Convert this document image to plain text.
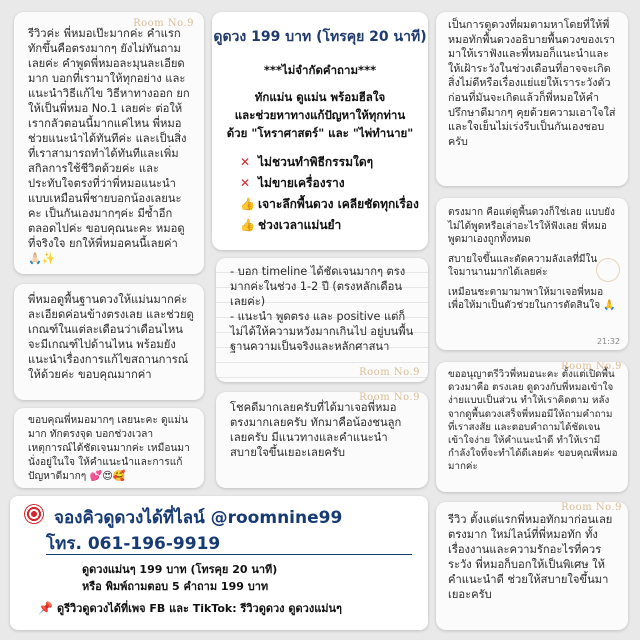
Room No.9

รีวิวค่ะ พี่หมอเป๊ะมากค่ะ คำแรกทักขึ้นคือตรงมากๆ ยังไม่ทันถามเลยค่ะ คำพูดพี่หมอละมุนละเอียดมาก บอกที่เรามาให้ทุกอย่าง และแนะนำวิธีแก้ไข วิธีหาทางออก ยกให้เป็นพี่หมอ No.1 เลยค่ะ ต่อให้เรากลัวตอนนี้มากแค่ไหน พี่หมอช่วยแนะนำได้ทันทีค่ะ และเป็นสิ่งที่เราสามารถทำได้ทันทีและเพิ่มสกิลการใช้ชีวิตด้วยค่ะ และประทับใจตรงที่ว่าพี่หมอแนะนำแบบเหมือนพี่ชายบอกน้องเลยนะคะ เป็นกันเองมากๆค่ะ มีซ้ำอีกตลอดไปค่ะ ขอบคุณนะคะ หมอดูที่จริงใจ ยกให้พี่หมอคนนี้เลยค่า 🙏🏻✨

พี่หมอดูพื้นฐานดวงให้แม่นมากค่ะ ละเอียดค่อนข้างตรงเลย และช่วยดูเกณฑ์ในแต่ละเดือนว่าเดือนไหนจะมีเกณฑ์ไปด้านไหน พร้อมยังแนะนำเรื่องการแก้ไขสถานการณ์ให้ด้วยค่ะ ขอบคุณมากค่า

ขอบคุณพี่หมอมากๆ เลยนะคะ ดูแม่นมาก ทักตรงจุด บอกช่วงเวลาเหตุการณ์ได้ชัดเจนมากค่ะ เหมือนมานั่งอยู่ในใจ ให้คำแนะนำและการแก้ปัญหาดีมากๆ 💕😍🥰

ดูดวง 199 บาท (โทรคุย 20 นาที)
***ไม่จำกัดคำถาม***
ทักแม่น ดูแม่น พร้อมฮีลใจ
และช่วยหาทางแก้ปัญหาให้ทุกท่าน
ด้วย "โหราศาสตร์" และ "ไพ่ทำนาย"
✕ ไม่ชวนทำพิธีกรรมใดๆ
✕ ไม่ขายเครื่องราง
👍 เจาะลึกพื้นดวง เคลียชัดทุกเรื่อง
👍 ช่วงเวลาแม่นยำ
Room No.9

- บอก timeline ได้ชัดเจนมากๆ ตรงมากค่ะในช่วง 1-2 ปี (ตรงหลักเดือนเลยค่ะ)
- แนะนำ พูดตรง และ positive แต่ก็ไม่ได้ให้ความหวังมากเกินไป อยู่บนพื้นฐานความเป็นจริงและหลักศาสนา

Room No.9

โชคดีมากเลยครับที่ได้มาเจอพี่หมอ ตรงมากเลยครับ ทักมาคือน้องชนลูกเลยครับ มีแนวทางและคำแนะนำ สบายใจขึ้นเยอะเลยครับ

เป็นการดูดวงที่ผมตามหาโดยที่ให้พี่หมอทักพื้นดวงอธิบายพื้นดวงของเรามาให้เราฟังและพี่หมอก็แนะนำและให้เฝ้าระวังในช่วงเดือนที่อาจจะเกิดสิ่งไม่ดีหรือเรื่องแย่แย่ให้เราระวังตัวก่อนที่มันจะเกิดแล้วก็พี่หมอให้คำปรึกษาดีมากๆ คุยด้วยความเอาใจใส่และใจเย็นไม่เร่งรีบเป็นกันเองชอบครับ

ตรงมาก คือแต่ดูพื้นดวงก็ใช่เลย แบบยังไม่ได้พูดหรือเล่าอะไรให้ฟังเลย พี่หมอพูดมาเองถูกทั้งหมด

สบายใจขึ้นและตัดความลังเลที่มีในใจมานานมากได้เลยค่ะ

เหมือนชะตามามาพาให้มาเจอพี่หมอ เพื่อให้มาเป็นตัวช่วยในการตัดสินใจ 🙏

21:32
Room No.9

ขออนุญาตรีวิวพี่หมอนะคะ ตั้งแต่เปิดพื้นดวงมาคือ ตรงเลย ดูดวงกับพี่หมอเข้าใจง่ายแบบเป็นส่วน ทำให้เราคิดตาม หลังจากดูพื้นดวงเสร็จพี่หมอมีให้ถามคำถามที่เราสงสัย และตอบคำถามได้ชัดเจนเข้าใจง่าย ให้คำแนะนำดี ทำให้เรามีกำลังใจที่จะทำได้ดีเลยค่ะ ขอบคุณพี่หมอมากค่ะ

Room No.9

รีวิว ตั้งแต่แรกพี่หมอทักมาก่อนเลยตรงมาก ใหม่ไลน์ที่พี่หมอทัก ทั้งเรื่องงานและความรักอะไรที่ควรระวัง พี่หมอก็บอกให้เป็นพิเศษ ให้คำแนะนำดี ช่วยให้สบายใจขึ้นมาเยอะครับ

จองคิวดูดวงได้ที่ไลน์ @roomnine99
โทร. 061-196-9919
ดูดวงแม่นๆ 199 บาท (โทรคุย 20 นาที)
หรือ พิมพ์ถามตอบ 5 คำถาม 199 บาท
📌 ดูรีวิวดูดวงได้ที่เพจ FB และ TikTok: รีวิวดูดวง ดูดวงแม่นๆ
